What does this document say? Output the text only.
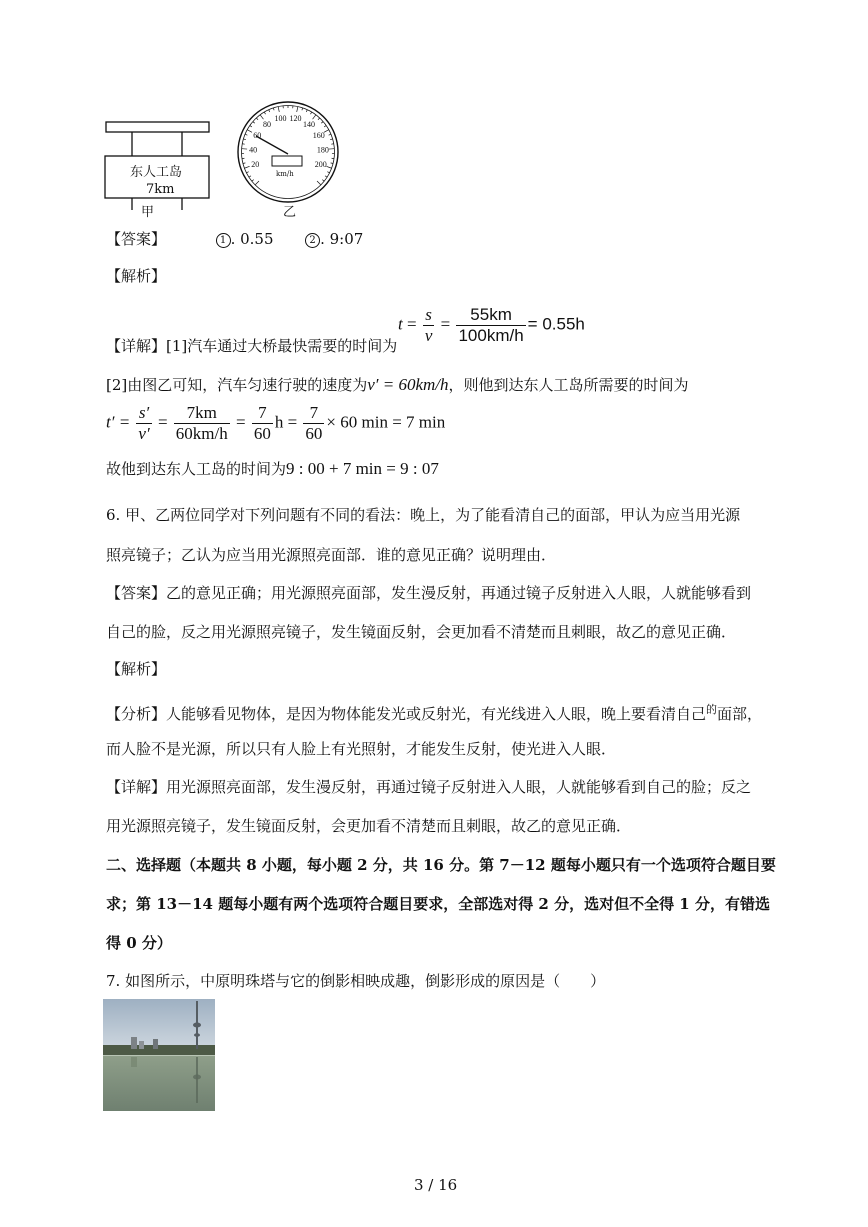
东人工岛
7km
甲
20
40
60
80
100 120
140
160
180
200
km/h
乙
【答案】	1 . 0.55	2 . 9:07
【解析】
【详解】[1]汽车通过大桥最快需要的时间为
$t = \frac{s}{v} = \frac{55km}{100km/h} = 0.55h$
[2]由图乙可知，汽车匀速行驶的速度为v′ = 60km/h，则他到达东人工岛所需要的时间为
$t' = \frac{s'}{v'} = \frac{7km}{60km/h} = \frac{7}{60}$ $h = \frac{7}{60} \times 60$ min = 7 min
故他到达东人工岛的时间为9 : 00 + 7 min = 9 : 07
6. 甲、乙两位同学对下列问题有不同的看法：晚上，为了能看清自己的面部，甲认为应当用光源
照亮镜子；乙认为应当用光源照亮面部．谁的意见正确？说明理由．
【答案】乙的意见正确；用光源照亮面部，发生漫反射，再通过镜子反射进入人眼，人就能够看到
自己的脸，反之用光源照亮镜子，发生镜面反射，会更加看不清楚而且刺眼，故乙的意见正确．
【解析】
【分析】人能够看见物体，是因为物体能发光或反射光，有光线进入人眼，晚上要看清自己$^的$面部，
而人脸不是光源，所以只有人脸上有光照射，才能发生反射，使光进入人眼．
【详解】用光源照亮面部，发生漫反射，再通过镜子反射进入人眼，人就能够看到自己的脸；反之
用光源照亮镜子，发生镜面反射，会更加看不清楚而且刺眼，故乙的意见正确．
二、选择题（本题共 8 小题，每小题 2 分，共 16 分。第 7－12 题每小题只有一个选项符合题目要
求；第 13－14 题每小题有两个选项符合题目要求，全部选对得 2 分，选对但不全得 1 分，有错选
得 0 分）
7. 如图所示，中原明珠塔与它的倒影相映成趣，倒影形成的原因是（　　）
3 / 16
